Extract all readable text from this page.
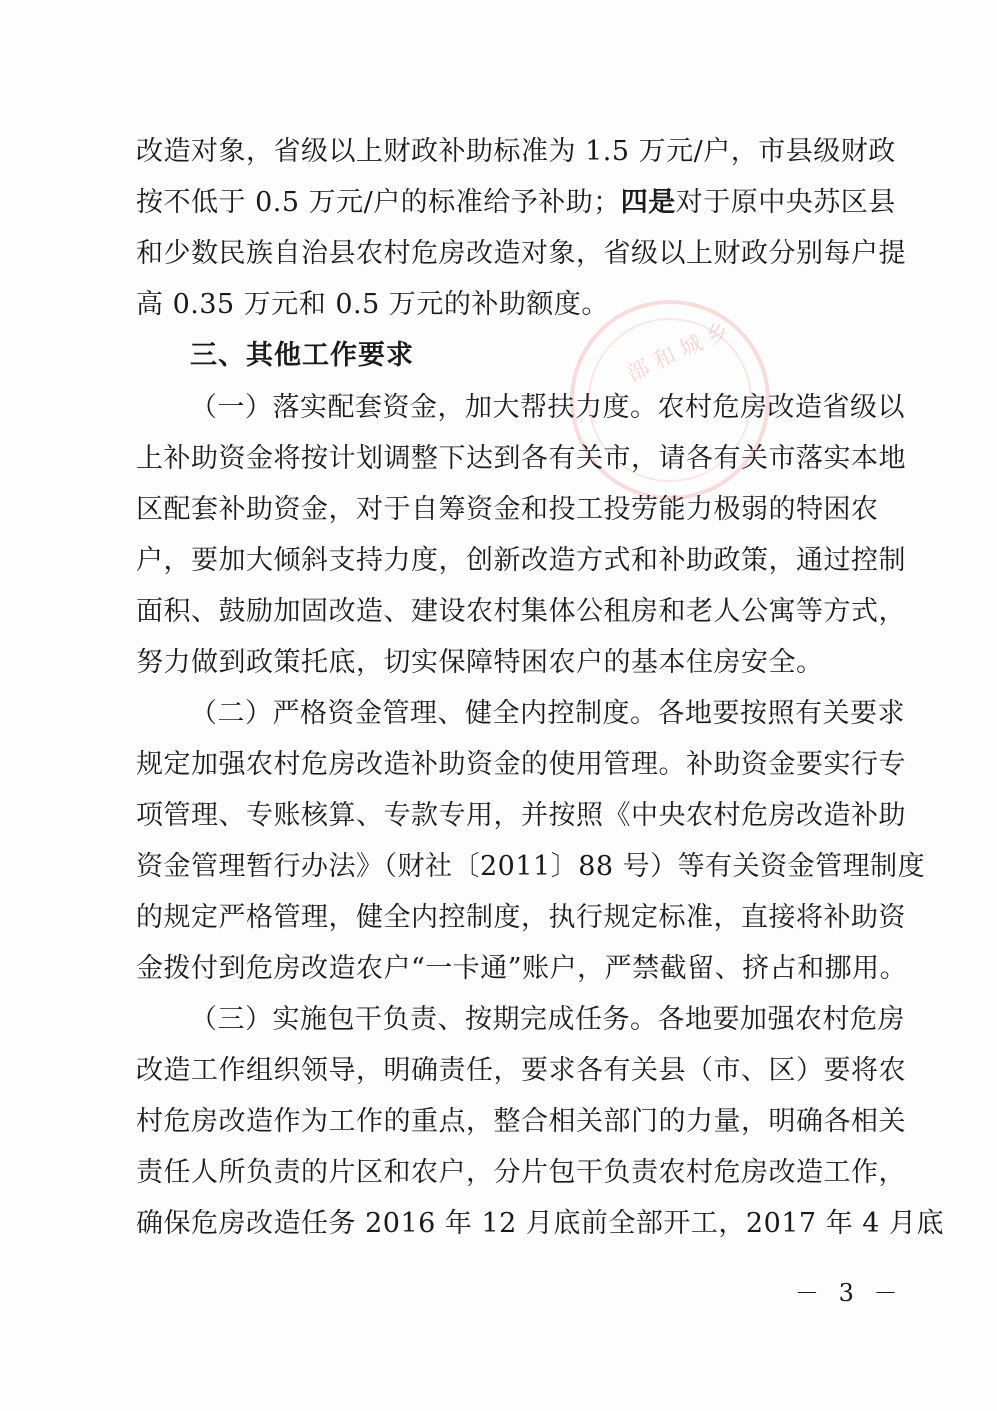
部 和 城 乡
改造对象，省级以上财政补助标准为 1.5 万元/户，市县级财政
按不低于 0.5 万元/户的标准给予补助；四是对于原中央苏区县
和少数民族自治县农村危房改造对象，省级以上财政分别每户提
高 0.35 万元和 0.5 万元的补助额度。
三、其他工作要求
（一）落实配套资金，加大帮扶力度。农村危房改造省级以
上补助资金将按计划调整下达到各有关市，请各有关市落实本地
区配套补助资金，对于自筹资金和投工投劳能力极弱的特困农
户，要加大倾斜支持力度，创新改造方式和补助政策，通过控制
面积、鼓励加固改造、建设农村集体公租房和老人公寓等方式，
努力做到政策托底，切实保障特困农户的基本住房安全。
（二）严格资金管理、健全内控制度。各地要按照有关要求
规定加强农村危房改造补助资金的使用管理。补助资金要实行专
项管理、专账核算、专款专用，并按照《中央农村危房改造补助
资金管理暂行办法》（财社〔2011〕88 号）等有关资金管理制度
的规定严格管理，健全内控制度，执行规定标准，直接将补助资
金拨付到危房改造农户“一卡通”账户，严禁截留、挤占和挪用。
（三）实施包干负责、按期完成任务。各地要加强农村危房
改造工作组织领导，明确责任，要求各有关县（市、区）要将农
村危房改造作为工作的重点，整合相关部门的力量，明确各相关
责任人所负责的片区和农户，分片包干负责农村危房改造工作，
确保危房改造任务 2016 年 12 月底前全部开工，2017 年 4 月底
－ 3 －
